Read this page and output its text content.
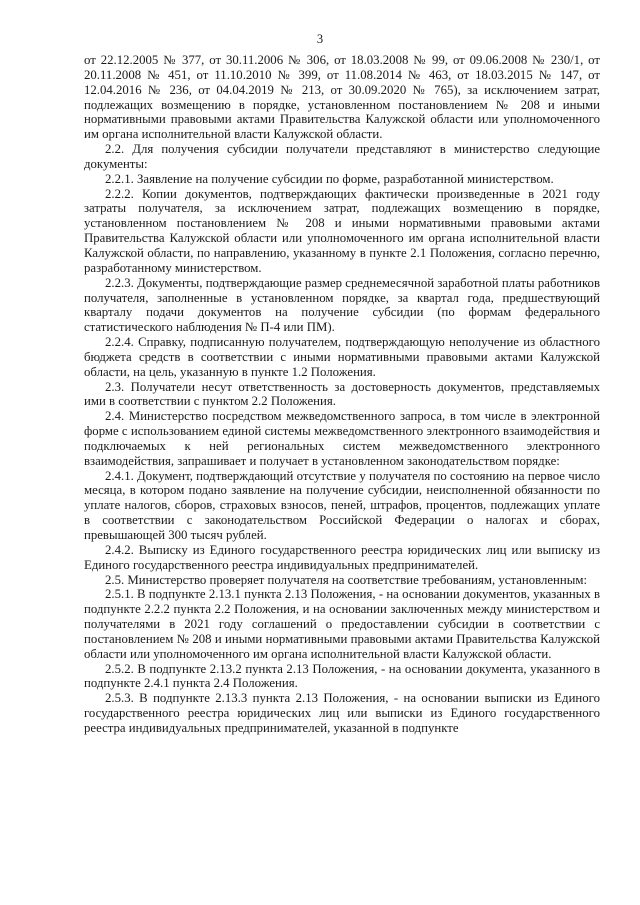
3

от 22.12.2005 № 377, от 30.11.2006 № 306, от 18.03.2008 № 99, от 09.06.2008 № 230/1, от 20.11.2008 № 451, от 11.10.2010 № 399, от 11.08.2014 № 463, от 18.03.2015 № 147, от 12.04.2016 № 236, от 04.04.2019 № 213, от 30.09.2020 № 765), за исключением затрат, подлежащих возмещению в порядке, установленном постановлением № 208 и иными нормативными правовыми актами Правительства Калужской области или уполномоченного им органа исполнительной власти Калужской области.

2.2. Для получения субсидии получатели представляют в министерство следующие документы:

2.2.1. Заявление на получение субсидии по форме, разработанной министерством.

2.2.2. Копии документов, подтверждающих фактически произведенные в 2021 году затраты получателя, за исключением затрат, подлежащих возмещению в порядке, установленном постановлением № 208 и иными нормативными правовыми актами Правительства Калужской области или уполномоченного им органа исполнительной власти Калужской области, по направлению, указанному в пункте 2.1 Положения, согласно перечню, разработанному министерством.

2.2.3. Документы, подтверждающие размер среднемесячной заработной платы работников получателя, заполненные в установленном порядке, за квартал года, предшествующий кварталу подачи документов на получение субсидии (по формам федерального статистического наблюдения № П-4 или ПМ).

2.2.4. Справку, подписанную получателем, подтверждающую неполучение из областного бюджета средств в соответствии с иными нормативными правовыми актами Калужской области, на цель, указанную в пункте 1.2 Положения.

2.3. Получатели несут ответственность за достоверность документов, представляемых ими в соответствии с пунктом 2.2 Положения.

2.4. Министерство посредством межведомственного запроса, в том числе в электронной форме с использованием единой системы межведомственного электронного взаимодействия и подключаемых к ней региональных систем межведомственного электронного взаимодействия, запрашивает и получает в установленном законодательством порядке:

2.4.1. Документ, подтверждающий отсутствие у получателя по состоянию на первое число месяца, в котором подано заявление на получение субсидии, неисполненной обязанности по уплате налогов, сборов, страховых взносов, пеней, штрафов, процентов, подлежащих уплате в соответствии с законодательством Российской Федерации о налогах и сборах, превышающей 300 тысяч рублей.

2.4.2. Выписку из Единого государственного реестра юридических лиц или выписку из Единого государственного реестра индивидуальных предпринимателей.

2.5. Министерство проверяет получателя на соответствие требованиям, установленным:

2.5.1. В подпункте 2.13.1 пункта 2.13 Положения, - на основании документов, указанных в подпункте 2.2.2 пункта 2.2 Положения, и на основании заключенных между министерством и получателями в 2021 году соглашений о предоставлении субсидии в соответствии с постановлением № 208 и иными нормативными правовыми актами Правительства Калужской области или уполномоченного им органа исполнительной власти Калужской области.

2.5.2. В подпункте 2.13.2 пункта 2.13 Положения, - на основании документа, указанного в подпункте 2.4.1 пункта 2.4 Положения.

2.5.3. В подпункте 2.13.3 пункта 2.13 Положения, - на основании выписки из Единого государственного реестра юридических лиц или выписки из Единого государственного реестра индивидуальных предпринимателей, указанной в подпункте
